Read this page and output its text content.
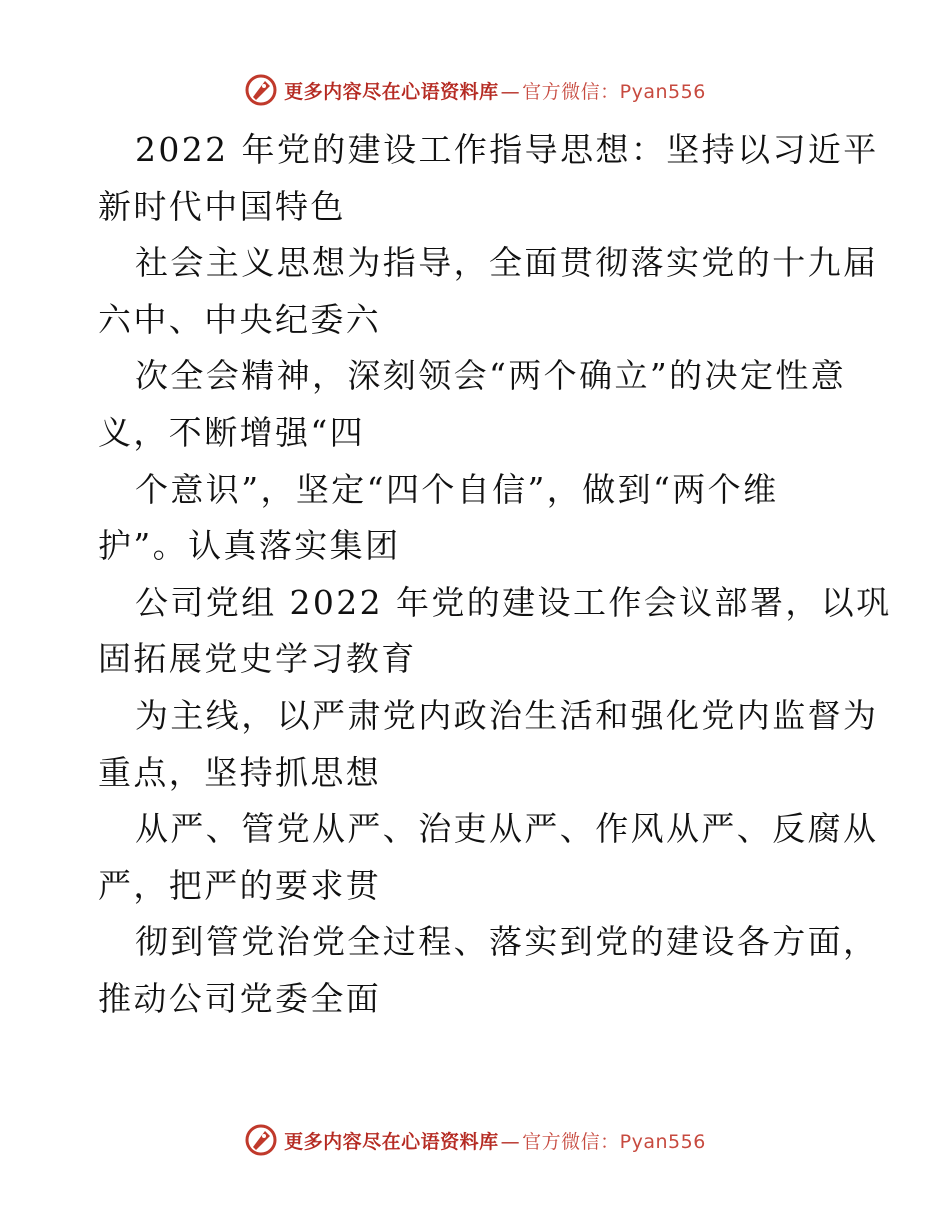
更多内容尽在心语资料库 — 官方微信：Pyan556
2022 年党的建设工作指导思想：坚持以习近平
新时代中国特色
社会主义思想为指导，全面贯彻落实党的十九届
六中、中央纪委六
次全会精神，深刻领会“两个确立”的决定性意
义，不断增强“四
个意识”，坚定“四个自信”，做到“两个维
护”。认真落实集团
公司党组 2022 年党的建设工作会议部署，以巩
固拓展党史学习教育
为主线，以严肃党内政治生活和强化党内监督为
重点，坚持抓思想
从严、管党从严、治吏从严、作风从严、反腐从
严，把严的要求贯
彻到管党治党全过程、落实到党的建设各方面，
推动公司党委全面
更多内容尽在心语资料库 — 官方微信：Pyan556
